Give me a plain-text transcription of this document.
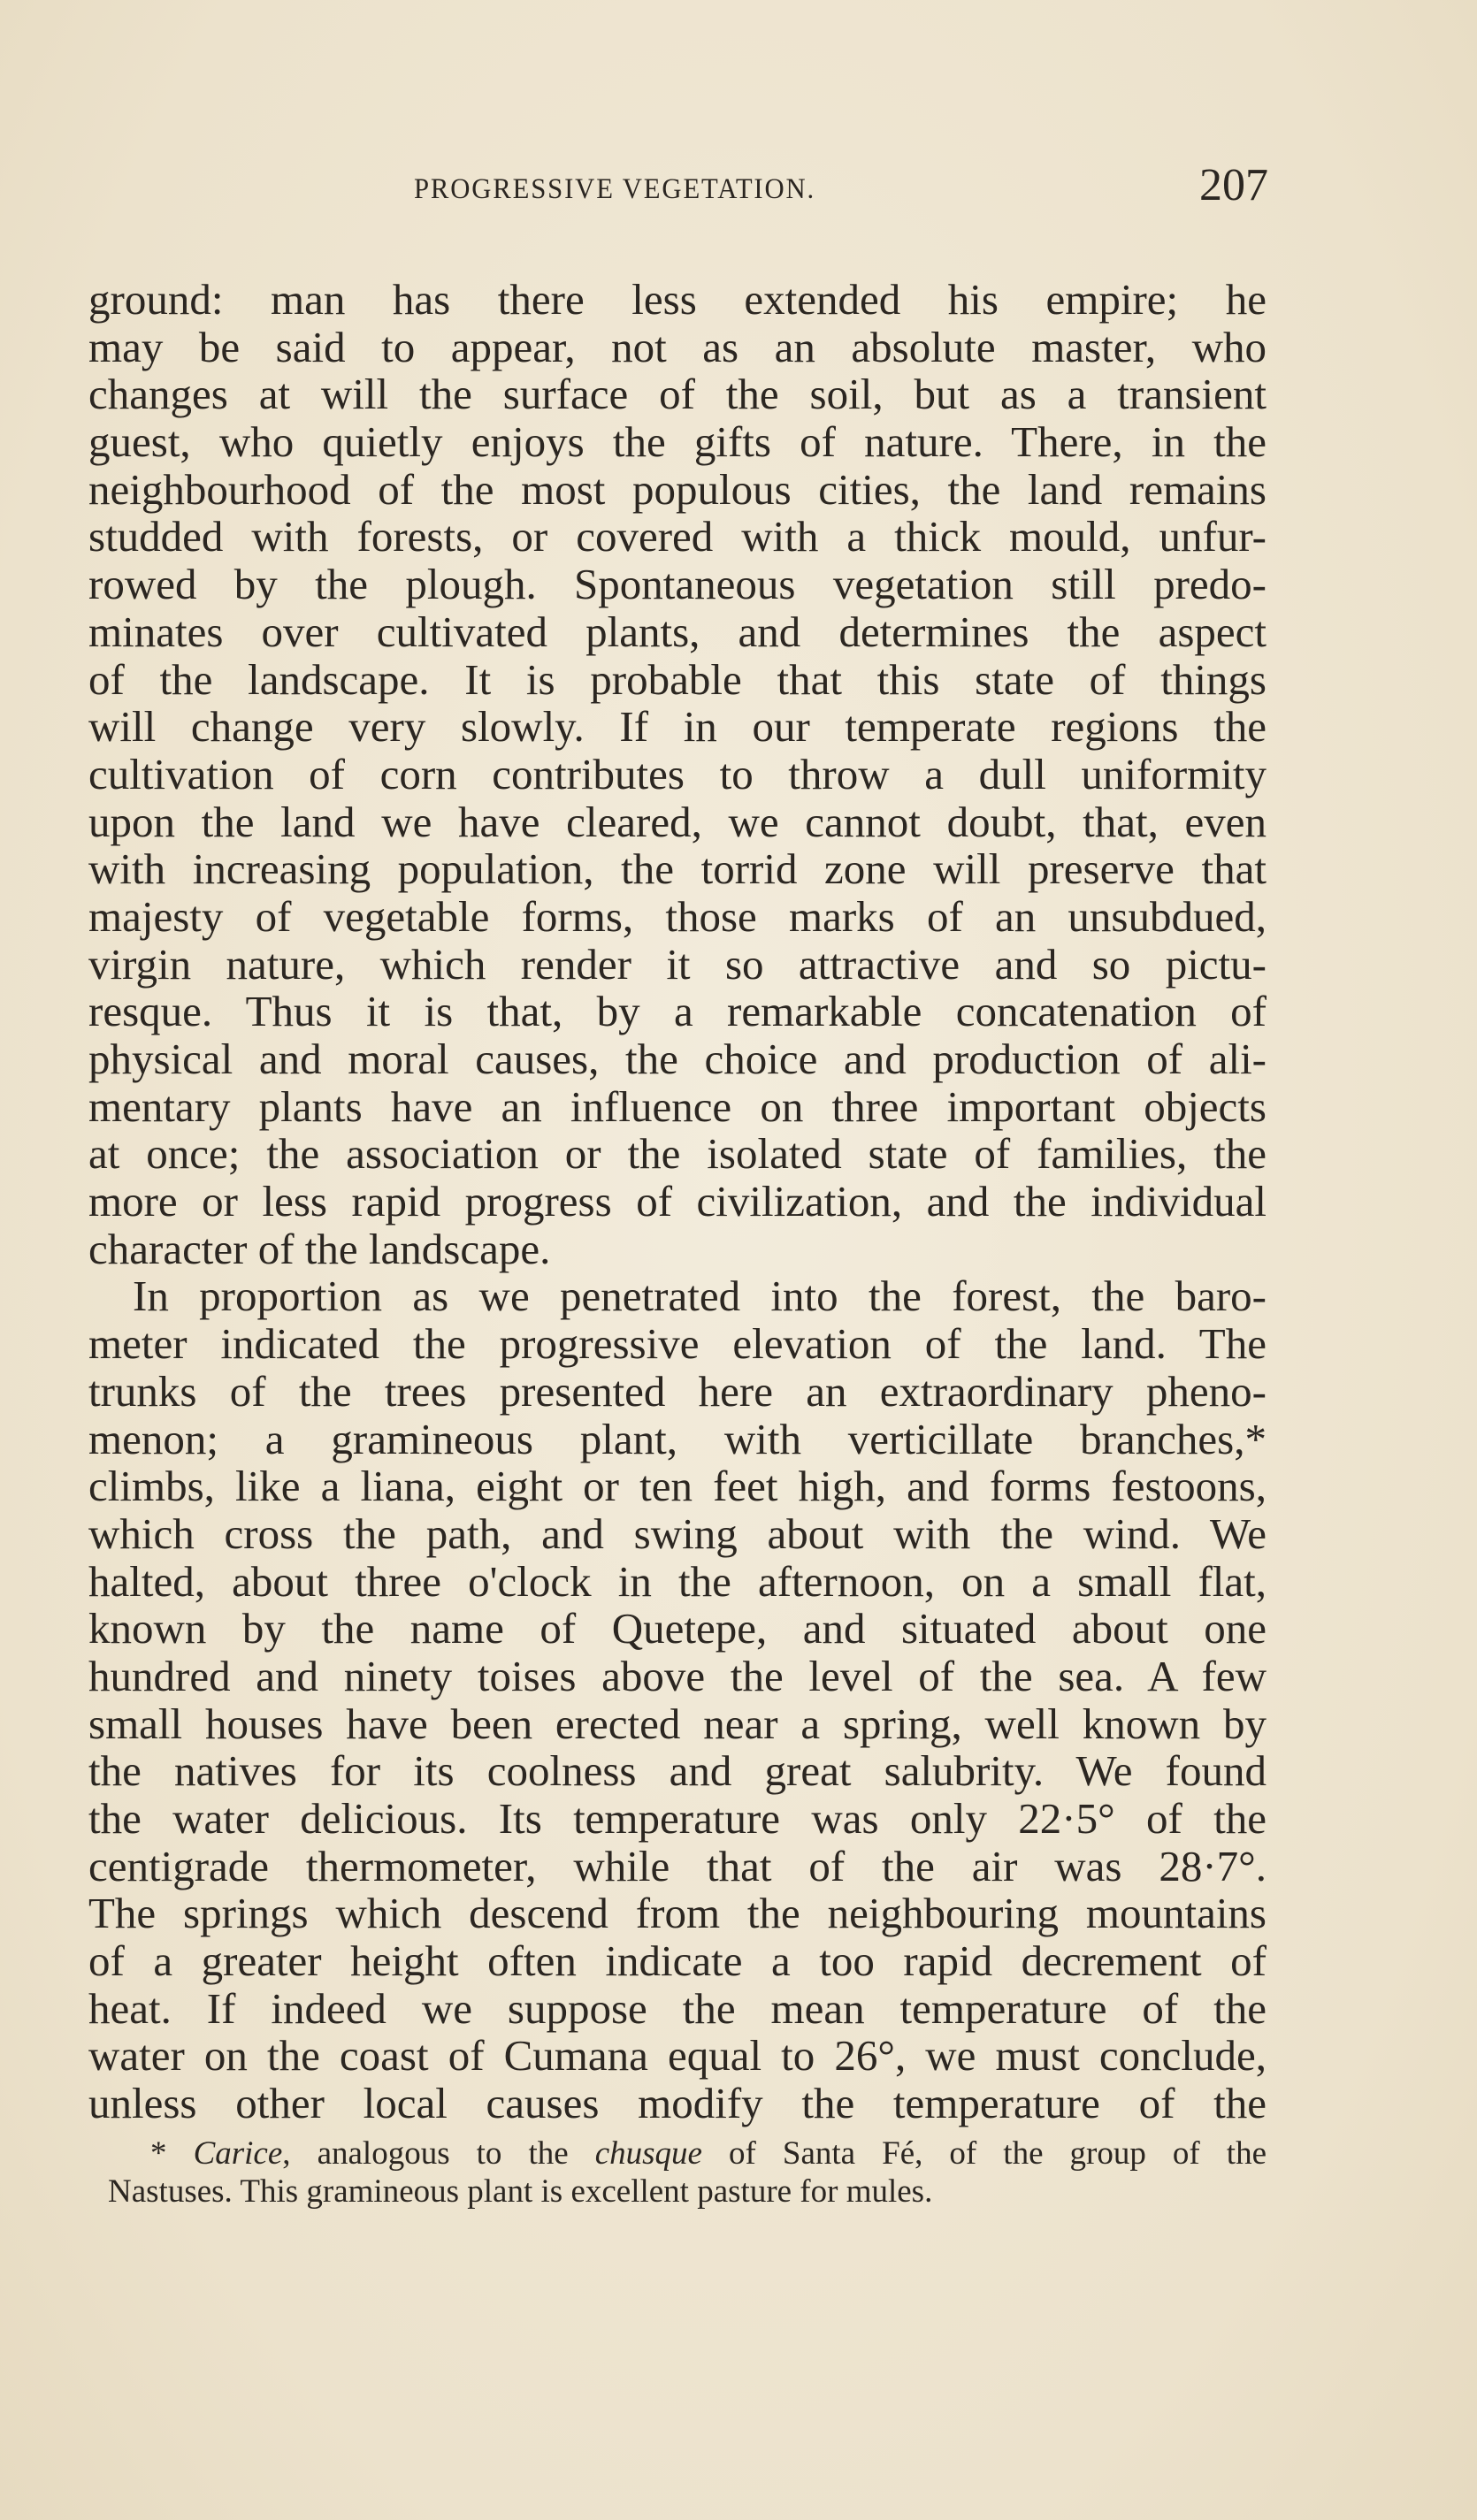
PROGRESSIVE VEGETATION.	207
ground: man has there less extended his empire; he
may be said to appear, not as an absolute master, who
changes at will the surface of the soil, but as a transient
guest, who quietly enjoys the gifts of nature. There, in the
neighbourhood of the most populous cities, the land remains
studded with forests, or covered with a thick mould, unfur-
rowed by the plough. Spontaneous vegetation still predo-
minates over cultivated plants, and determines the aspect
of the landscape. It is probable that this state of things
will change very slowly. If in our temperate regions the
cultivation of corn contributes to throw a dull uniformity
upon the land we have cleared, we cannot doubt, that, even
with increasing population, the torrid zone will preserve that
majesty of vegetable forms, those marks of an unsubdued,
virgin nature, which render it so attractive and so pictu-
resque. Thus it is that, by a remarkable concatenation of
physical and moral causes, the choice and production of ali-
mentary plants have an influence on three important objects
at once; the association or the isolated state of families, the
more or less rapid progress of civilization, and the individual
character of the landscape.
In proportion as we penetrated into the forest, the baro-
meter indicated the progressive elevation of the land. The
trunks of the trees presented here an extraordinary pheno-
menon; a gramineous plant, with verticillate branches,*
climbs, like a liana, eight or ten feet high, and forms festoons,
which cross the path, and swing about with the wind. We
halted, about three o'clock in the afternoon, on a small flat,
known by the name of Quetepe, and situated about one
hundred and ninety toises above the level of the sea. A few
small houses have been erected near a spring, well known by
the natives for its coolness and great salubrity. We found
the water delicious. Its temperature was only 22·5° of the
centigrade thermometer, while that of the air was 28·7°.
The springs which descend from the neighbouring mountains
of a greater height often indicate a too rapid decrement of
heat. If indeed we suppose the mean temperature of the
water on the coast of Cumana equal to 26°, we must conclude,
unless other local causes modify the temperature of the
* Carice, analogous to the chusque of Santa Fé, of the group of the
Nastuses. This gramineous plant is excellent pasture for mules.
